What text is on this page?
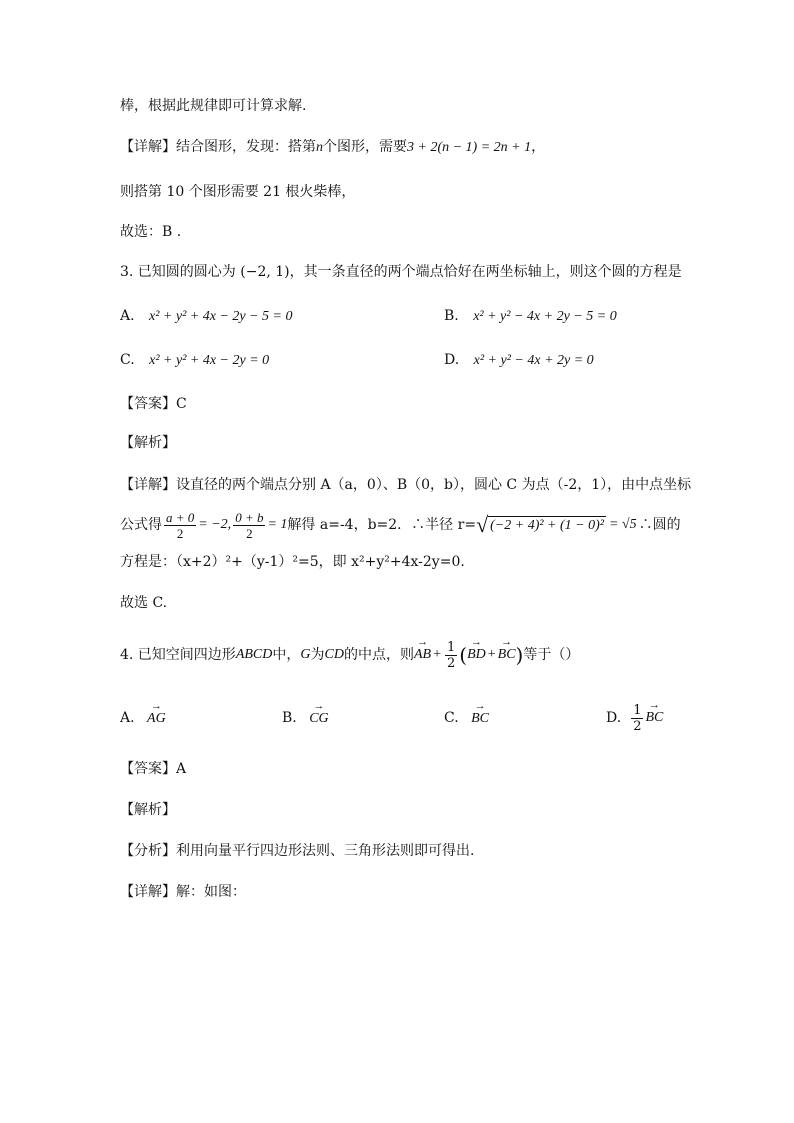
棒，根据此规律即可计算求解.
【详解】结合图形，发现：搭第n个图形，需要3 + 2(n − 1) = 2n + 1，
则搭第 10 个图形需要 21 根火柴棒，
故选：B .
3. 已知圆的圆心为 (−2, 1)，其一条直径的两个端点恰好在两坐标轴上，则这个圆的方程是
A. x² + y² + 4x − 2y − 5 = 0	B. x² + y² − 4x + 2y − 5 = 0
C. x² + y² + 4x − 2y = 0	D. x² + y² − 4x + 2y = 0
【答案】C
【解析】
【详解】设直径的两个端点分别 A（a，0）、B（0，b），圆心 C 为点（-2，1），由中点坐标
公式得 $\frac{a + 0}{2} = -2$, $\frac{0 + b}{2} = 1$ 解得 a=-4，b=2．∴半径 r= √ (−2 + 4)² + (1 − 0)² = √5 ∴圆的
方程是：（x+2）²+（y-1）²=5，即 x²+y²+4x-2y=0.
故选 C.
4. 已知空间四边形 ABCD 中， G 为 CD 的中点，则 → AB + $\frac{1}{2}$ ( → BD + → BC ) 等于（）
A. → AG	B. → CG	C. → BC	D. $\frac{1}{2}$ → BC
【答案】A
【解析】
【分析】利用向量平行四边形法则、三角形法则即可得出.
【详解】解：如图：
